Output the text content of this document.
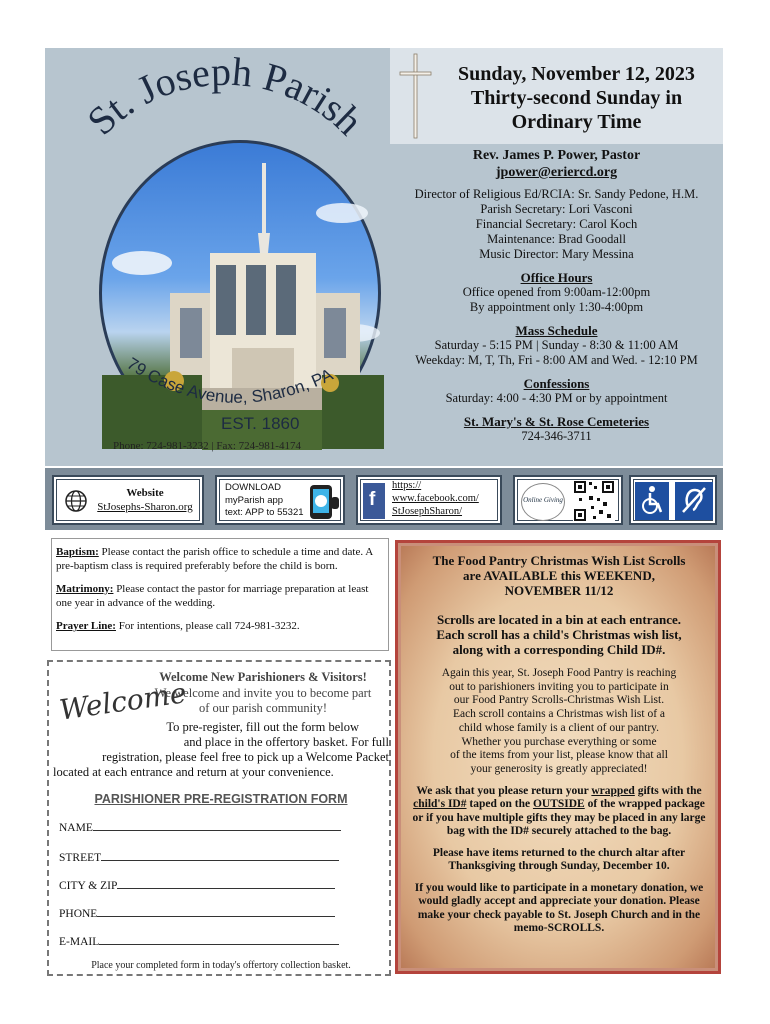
St. Joseph Parish
79 Case Avenue, Sharon, PA
EST. 1860
Phone: 724-981-3232 | Fax: 724-981-4174
Sunday, November 12, 2023
Thirty-second Sunday in
Ordinary Time
Rev. James P. Power, Pastor
jpower@eriercd.org
Director of Religious Ed/RCIA: Sr. Sandy Pedone, H.M.
Parish Secretary: Lori Vasconi
Financial Secretary: Carol Koch
Maintenance: Brad Goodall
Music Director: Mary Messina
Office Hours
Office opened from 9:00am-12:00pm
By appointment only 1:30-4:00pm
Mass Schedule
Saturday - 5:15 PM | Sunday - 8:30 & 11:00 AM
Weekday: M, T, Th, Fri - 8:00 AM and Wed. - 12:10 PM
Confessions
Saturday: 4:00 - 4:30 PM or by appointment
St. Mary's & St. Rose Cemeteries
724-346-3711
Website
StJosephs-Sharon.org
DOWNLOAD
myParish app
text: APP to 55321
f
https://
www.facebook.com/
StJosephSharon/
Online Giving

Baptism: Please contact the parish office to schedule a time and date. A pre-baptism class is required preferably before the child is born.

Matrimony: Please contact the pastor for marriage preparation at least one year in advance of the wedding.

Prayer Line: For intentions, please call 724-981-3232.

Welcome
Welcome New Parishioners & Visitors!
We welcome and invite you to become part of our parish community!
To pre-register, fill out the form below
and place in the offertory basket. For full
registration, please feel free to pick up a Welcome Packet
located at each entrance and return at your convenience.
PARISHIONER PRE-REGISTRATION FORM
NAME
STREET
CITY & ZIP
PHONE
E-MAIL
Place your completed form in today's offertory collection basket.
The Food Pantry Christmas Wish List Scrolls
are AVAILABLE this WEEKEND,
NOVEMBER 11/12
Scrolls are located in a bin at each entrance.
Each scroll has a child's Christmas wish list,
along with a corresponding Child ID#.
Again this year, St. Joseph Food Pantry is reaching
out to parishioners inviting you to participate in
our Food Pantry Scrolls-Christmas Wish List.
Each scroll contains a Christmas wish list of a
child whose family is a client of our pantry.
Whether you purchase everything or some
of the items from your list, please know that all
your generosity is greatly appreciated!
We ask that you please return your wrapped gifts with the child's ID# taped on the OUTSIDE of the wrapped package or if you have multiple gifts they may be placed in any large bag with the ID# securely attached to the bag.
Please have items returned to the church altar after Thanksgiving through Sunday, December 10.
If you would like to participate in a monetary donation, we would gladly accept and appreciate your donation. Please make your check payable to St. Joseph Church and in the memo-SCROLLS.
